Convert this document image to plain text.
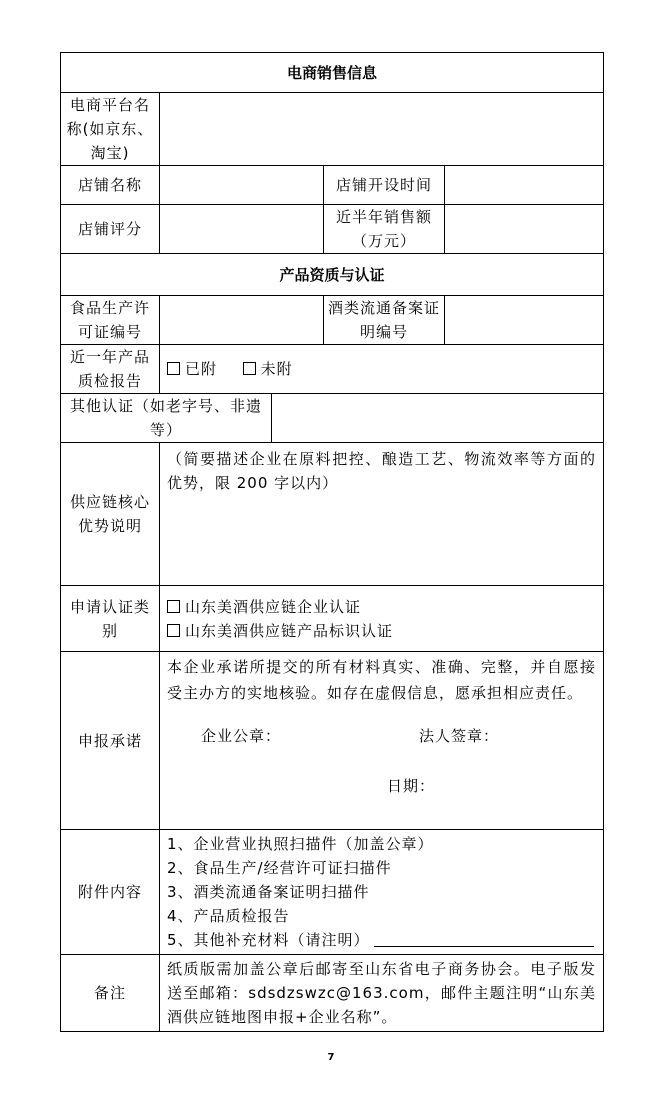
电商销售信息				
电商平台名称(如京东、淘宝)				
店铺名称			店铺开设时间	
店铺评分			近半年销售额（万元）	
产品资质与认证				
食品生产许可证编号			酒类流通备案证明编号	
近一年产品质检报告	已附 未附			
其他认证（如老字号、非遗等）				
供应链核心优势说明	（简要描述企业在原料把控、酿造工艺、物流效率等方面的优势，限 200 字以内）			
申请认证类别	山东美酒供应链企业认证
山东美酒供应链产品标识认证			

申报承诺	本企业承诺所提交的所有材料真实、准确、完整，并自愿接受主办方的实地核验。如存在虚假信息，愿承担相应责任。
企业公章： 法人签章：
日期：			

附件内容	1、企业营业执照扫描件（加盖公章）
2、食品生产/经营许可证扫描件
3、酒类流通备案证明扫描件
4、产品质检报告
5、其他补充材料（请注明）			

备注	纸质版需加盖公章后邮寄至山东省电子商务协会。电子版发送至邮箱：sdsdzswzc@163.com，邮件主题注明“山东美酒供应链地图申报+企业名称”。			
7
